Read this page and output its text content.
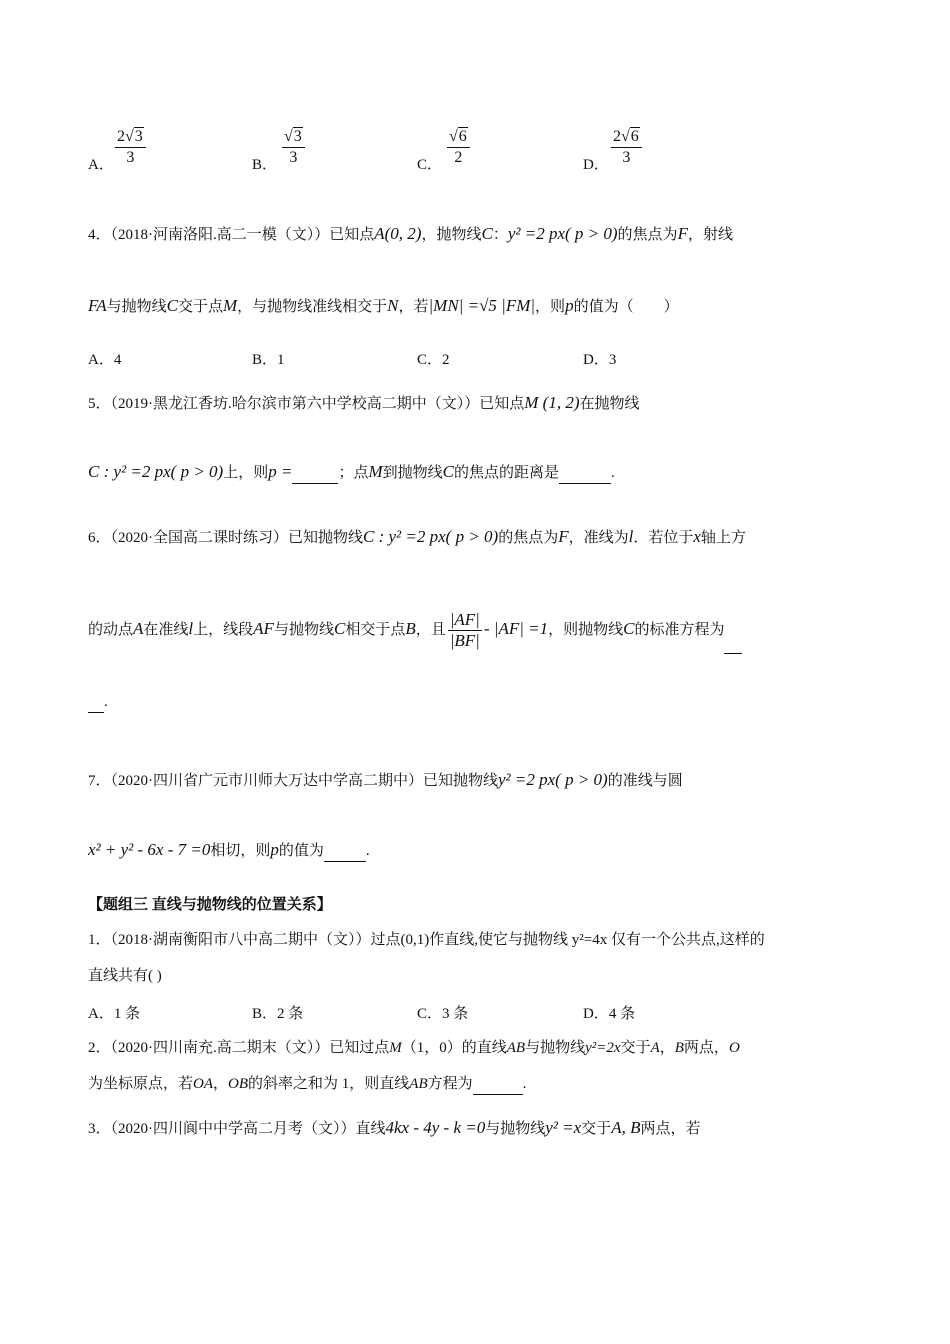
A． $\frac{2√3}{3}$	B． $\frac{√3}{3}$	C． $\frac{√6}{2}$	D． $\frac{2√6}{3}$
4．（2018·河南洛阳.高二一模（文））已知点A(0, 2)，抛物线C：y² =2 px( p > 0)的焦点为F，射线
FA与抛物线C交于点M，与抛物线准线相交于N，若|MN| =√5 |FM|，则p的值为（　　）
A．4	B．1	C．2	D．3
5．（2019·黑龙江香坊.哈尔滨市第六中学校高二期中（文））已知点M (1, 2)在抛物线
C : y² =2 px( p > 0)上，则p =	；点M到抛物线C的焦点的距离是	.
6．（2020·全国高二课时练习）已知抛物线C : y² =2 px( p > 0)的焦点为F，准线为l．若位于x轴上方
的动点A在准线l上，线段AF与抛物线C相交于点B，且 $\frac{|AF|}{|BF|} - |AF| =1$，则抛物线C的标准方程为
.
7．（2020·四川省广元市川师大万达中学高二期中）已知抛物线y² =2 px( p > 0)的准线与圆
x² + y² - 6x - 7 =0相切，则p的值为	.
【题组三 直线与抛物线的位置关系】
1．（2018·湖南衡阳市八中高二期中（文））过点(0,1)作直线,使它与抛物线 y²=4x 仅有一个公共点,这样的
直线共有( )
A．1 条	B．2 条	C．3 条	D．4 条
2．（2020·四川南充.高二期末（文））已知过点M（1，0）的直线AB与抛物线y²=2x交于A，B两点，O
为坐标原点，若OA，OB的斜率之和为 1，则直线AB方程为	.
3．（2020·四川阆中中学高二月考（文））直线4kx - 4y - k =0与抛物线y² =x交于A, B两点，若
